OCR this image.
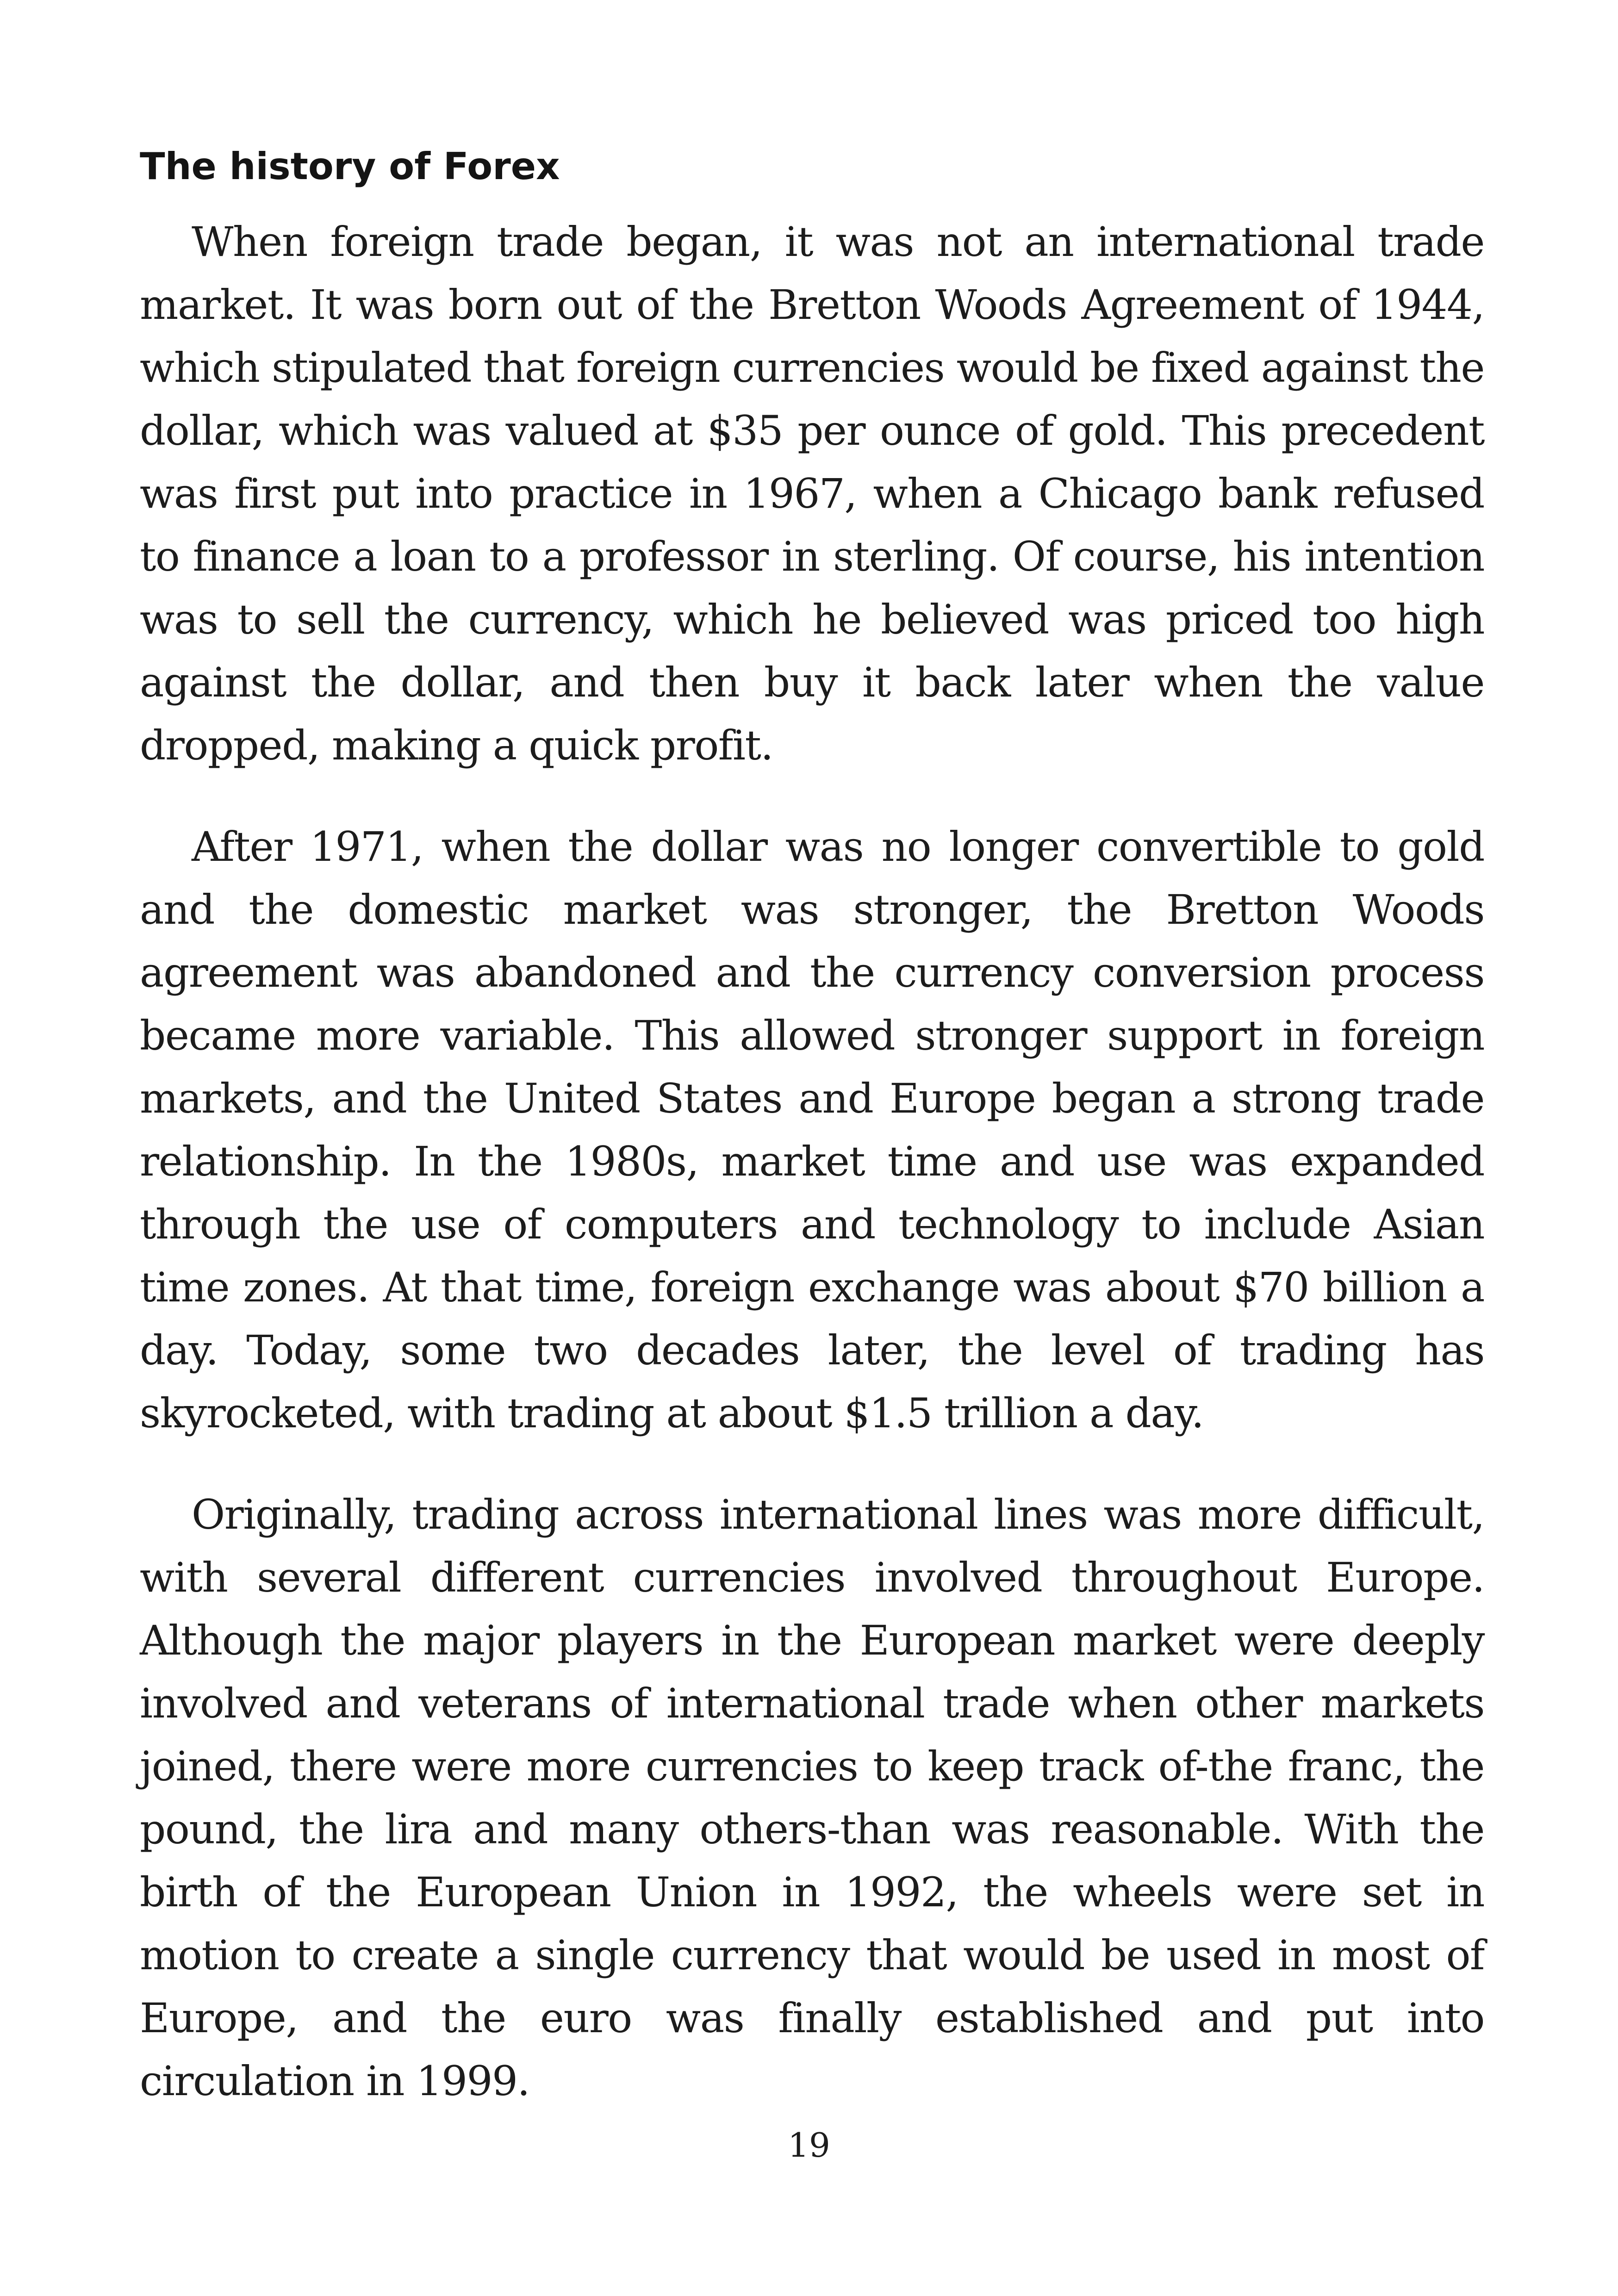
The history of Forex

When foreign trade began, it was not an international trade market. It was born out of the Bretton Woods Agreement of 1944, which stipulated that foreign currencies would be fixed against the dollar, which was valued at $35 per ounce of gold. This precedent was first put into practice in 1967, when a Chicago bank refused to finance a loan to a professor in sterling. Of course, his intention was to sell the currency, which he believed was priced too high against the dollar, and then buy it back later when the value dropped, making a quick profit.

After 1971, when the dollar was no longer convertible to gold and the domestic market was stronger, the Bretton Woods agreement was abandoned and the currency conversion process became more variable. This allowed stronger support in foreign markets, and the United States and Europe began a strong trade relationship. In the 1980s, market time and use was expanded through the use of computers and technology to include Asian time zones. At that time, foreign exchange was about $70 billion a day. Today, some two decades later, the level of trading has skyrocketed, with trading at about $1.5 trillion a day.

Originally, trading across international lines was more difficult, with several different currencies involved throughout Europe. Although the major players in the European market were deeply involved and veterans of international trade when other markets joined, there were more currencies to keep track of-the franc, the pound, the lira and many others-than was reasonable. With the birth of the European Union in 1992, the wheels were set in motion to create a single currency that would be used in most of Europe, and the euro was finally established and put into circulation in 1999.

19
